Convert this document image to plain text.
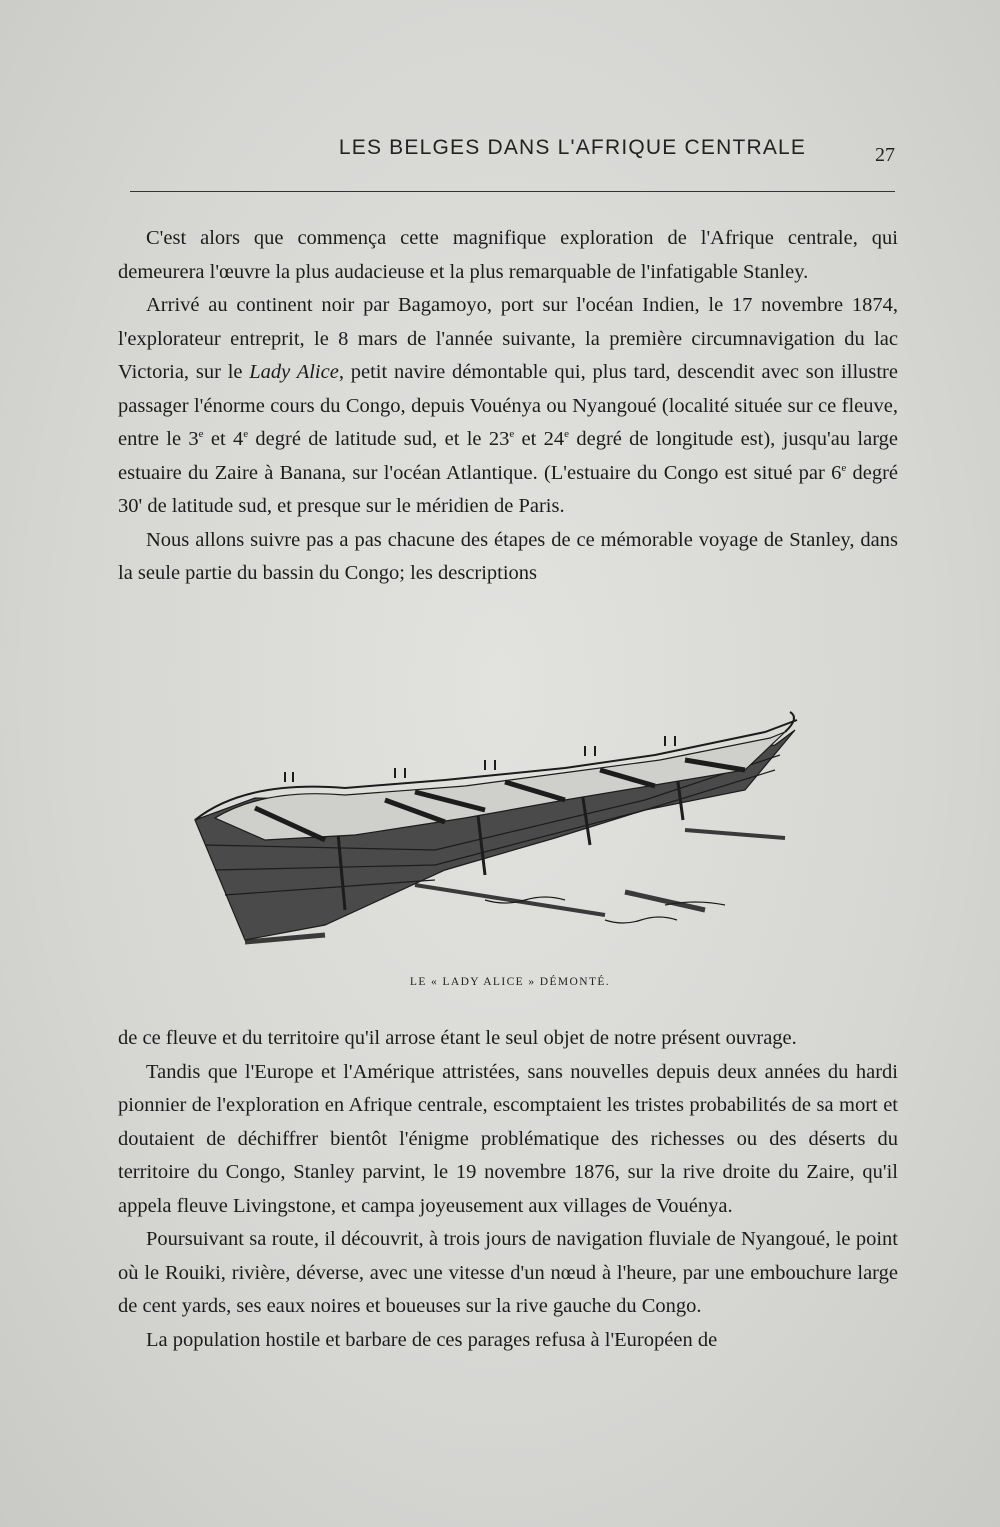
LES BELGES DANS L'AFRIQUE CENTRALE	27

C'est alors que commença cette magnifique exploration de l'Afrique centrale, qui demeurera l'œuvre la plus audacieuse et la plus remarquable de l'infatigable Stanley.

Arrivé au continent noir par Bagamoyo, port sur l'océan Indien, le 17 novembre 1874, l'explorateur entreprit, le 8 mars de l'année suivante, la première circumnavigation du lac Victoria, sur le Lady Alice, petit navire démontable qui, plus tard, descendit avec son illustre passager l'énorme cours du Congo, depuis Vouénya ou Nyangoué (localité située sur ce fleuve, entre le 3e et 4e degré de latitude sud, et le 23e et 24e degré de longitude est), jusqu'au large estuaire du Zaire à Banana, sur l'océan Atlantique. (L'estuaire du Congo est situé par 6e degré 30' de latitude sud, et presque sur le méridien de Paris.

Nous allons suivre pas a pas chacune des étapes de ce mémorable voyage de Stanley, dans la seule partie du bassin du Congo; les descriptions

LE « LADY ALICE » DÉMONTÉ.

de ce fleuve et du territoire qu'il arrose étant le seul objet de notre présent ouvrage.

Tandis que l'Europe et l'Amérique attristées, sans nouvelles depuis deux années du hardi pionnier de l'exploration en Afrique centrale, escomptaient les tristes probabilités de sa mort et doutaient de déchiffrer bientôt l'énigme problématique des richesses ou des déserts du territoire du Congo, Stanley parvint, le 19 novembre 1876, sur la rive droite du Zaire, qu'il appela fleuve Livingstone, et campa joyeusement aux villages de Vouénya.

Poursuivant sa route, il découvrit, à trois jours de navigation fluviale de Nyangoué, le point où le Rouiki, rivière, déverse, avec une vitesse d'un nœud à l'heure, par une embouchure large de cent yards, ses eaux noires et boueuses sur la rive gauche du Congo.

La population hostile et barbare de ces parages refusa à l'Européen de
